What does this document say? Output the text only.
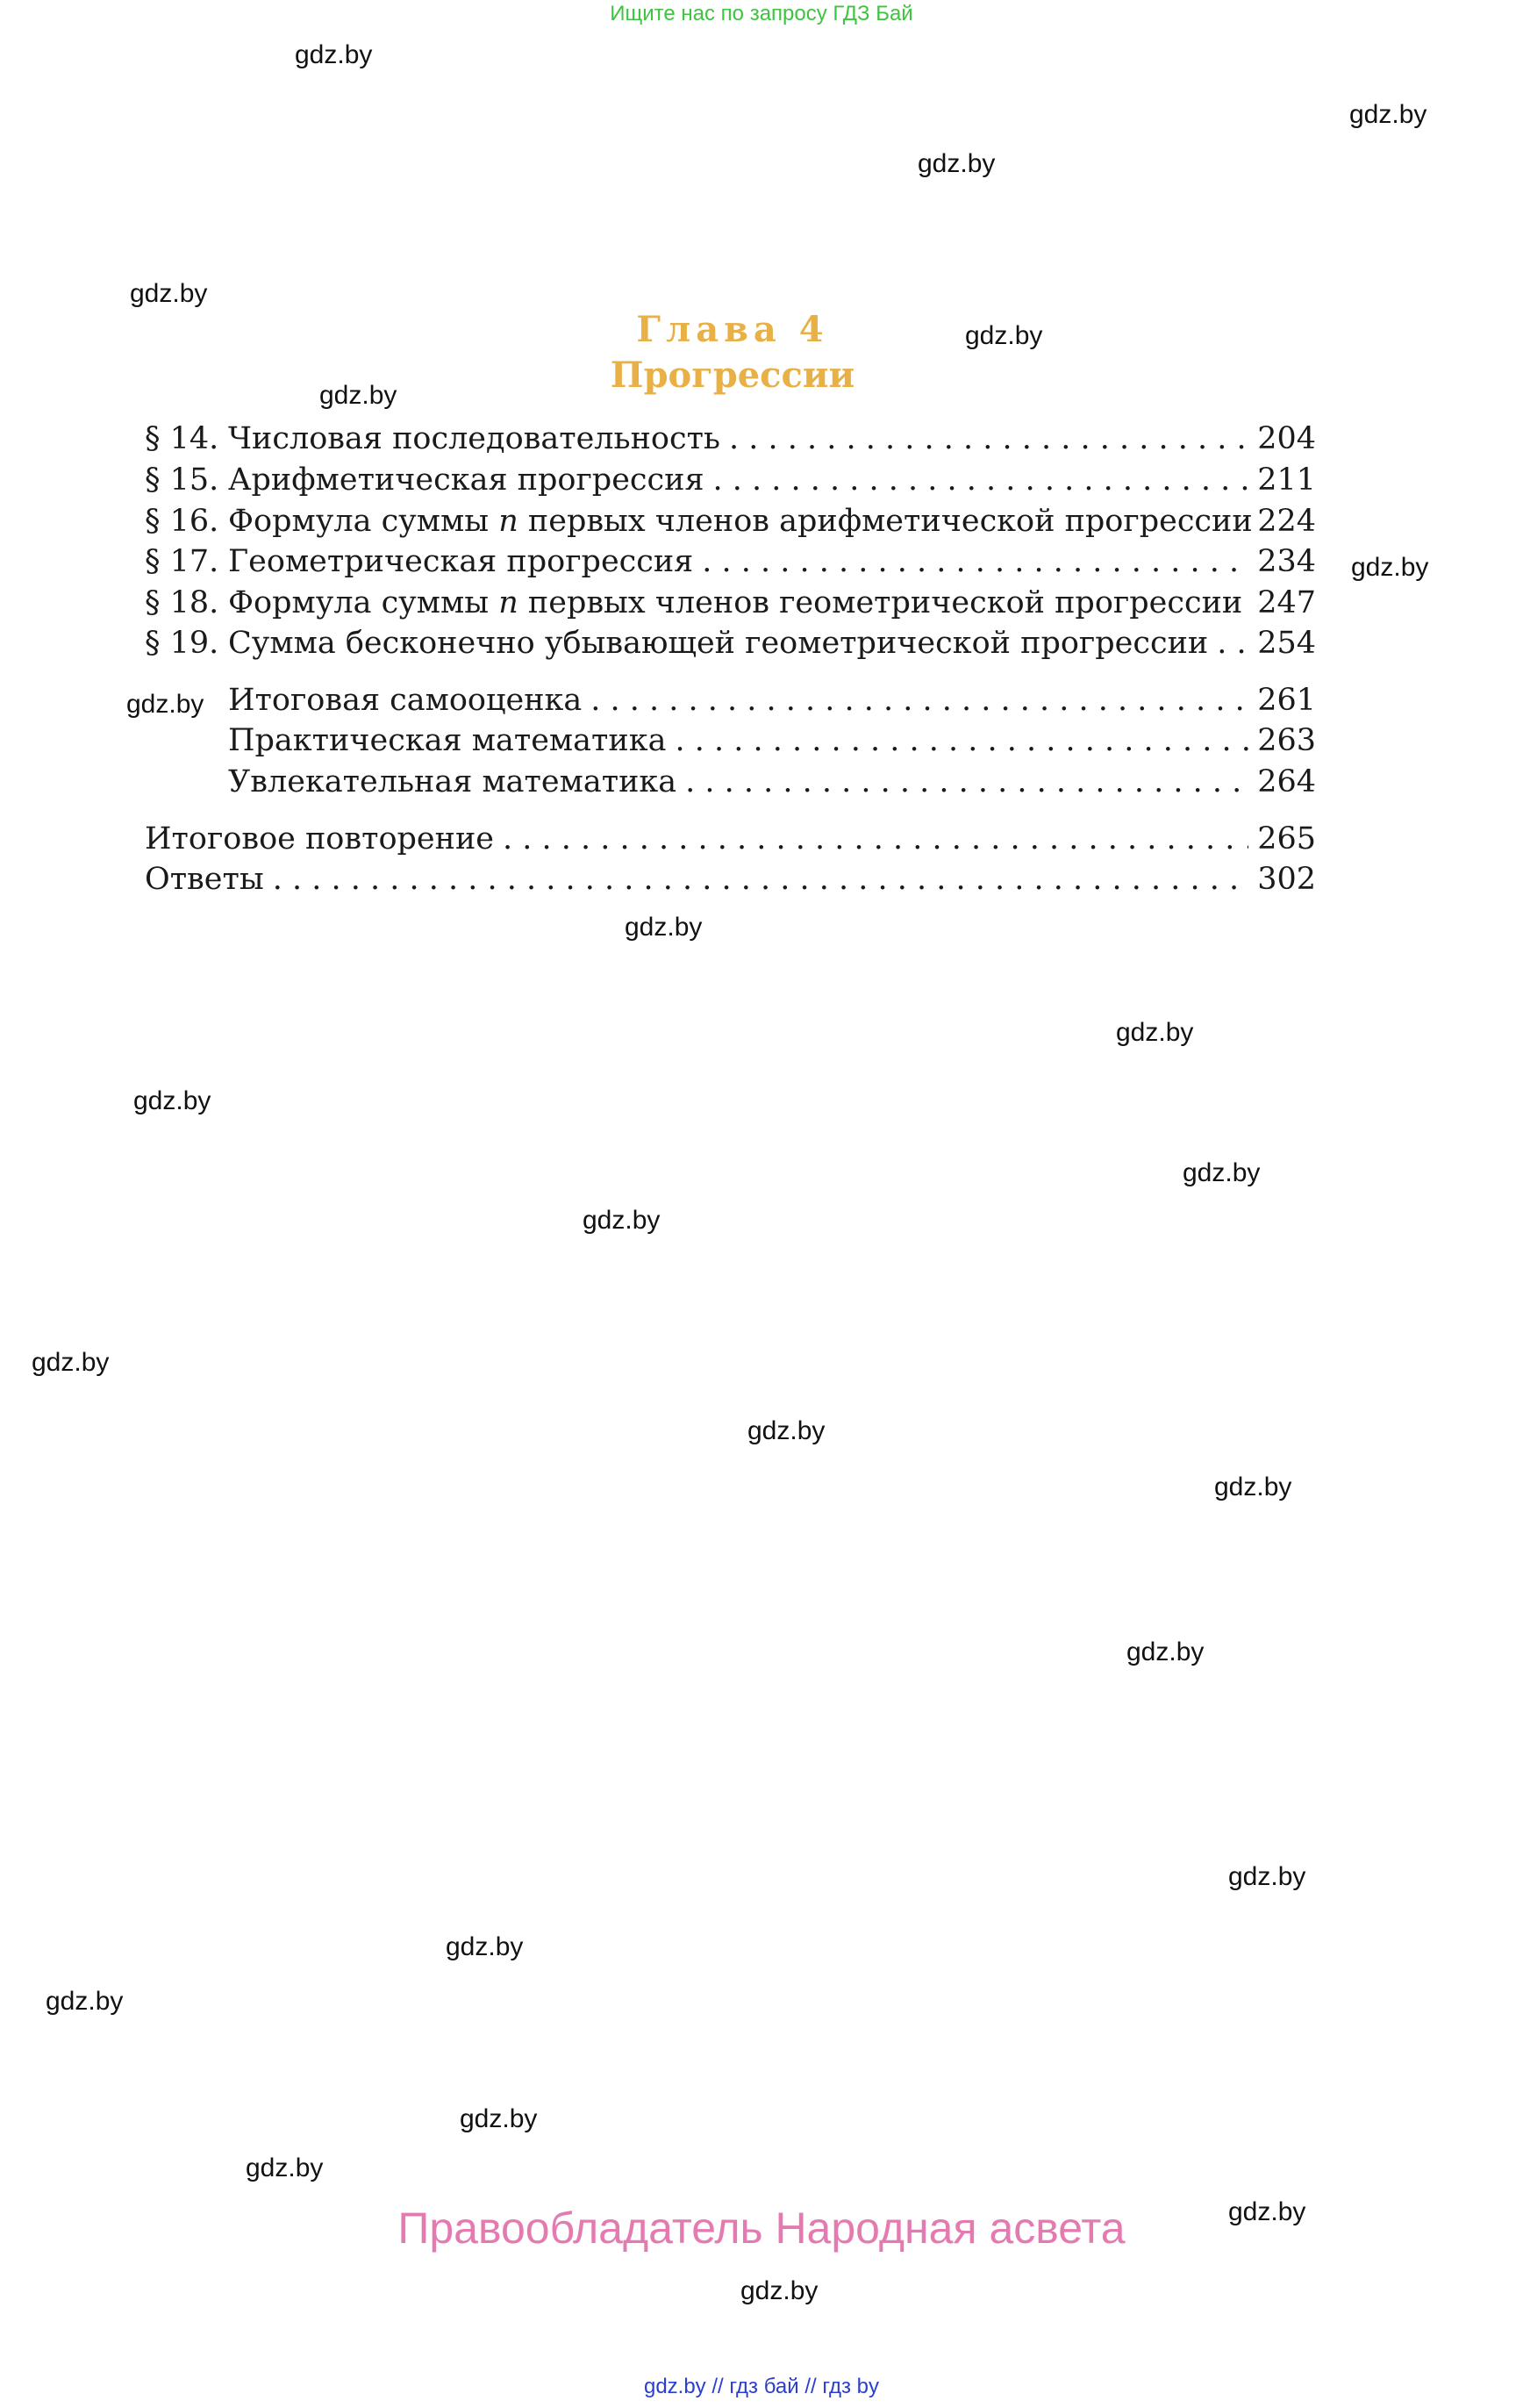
Ищите нас по запросу ГДЗ Бай
gdz.by
gdz.by
gdz.by
gdz.by
gdz.by
gdz.by
gdz.by
gdz.by
gdz.by
gdz.by
gdz.by
gdz.by
gdz.by
gdz.by
gdz.by
gdz.by
gdz.by
gdz.by
gdz.by
gdz.by
gdz.by
gdz.by
gdz.by
gdz.by
Глава 4
Прогрессии
§ 14. Числовая последовательность . . .	204
§ 15. Арифметическая прогрессия . . .	211
§ 16. Формула суммы n первых членов арифметической прогрессии 224
§ 17. Геометрическая прогрессия . . .	234
§ 18. Формула суммы n первых членов геометрической прогрессии 247
§ 19. Сумма бесконечно убывающей геометрической прогрессии . . . 254
Итоговая самооценка . . .	261
Практическая математика . . .	263
Увлекательная математика . . .	264
Итоговое повторение . . .	265
Ответы . . .	302
Правообладатель Народная асвета
gdz.by // гдз бай // гдз by
